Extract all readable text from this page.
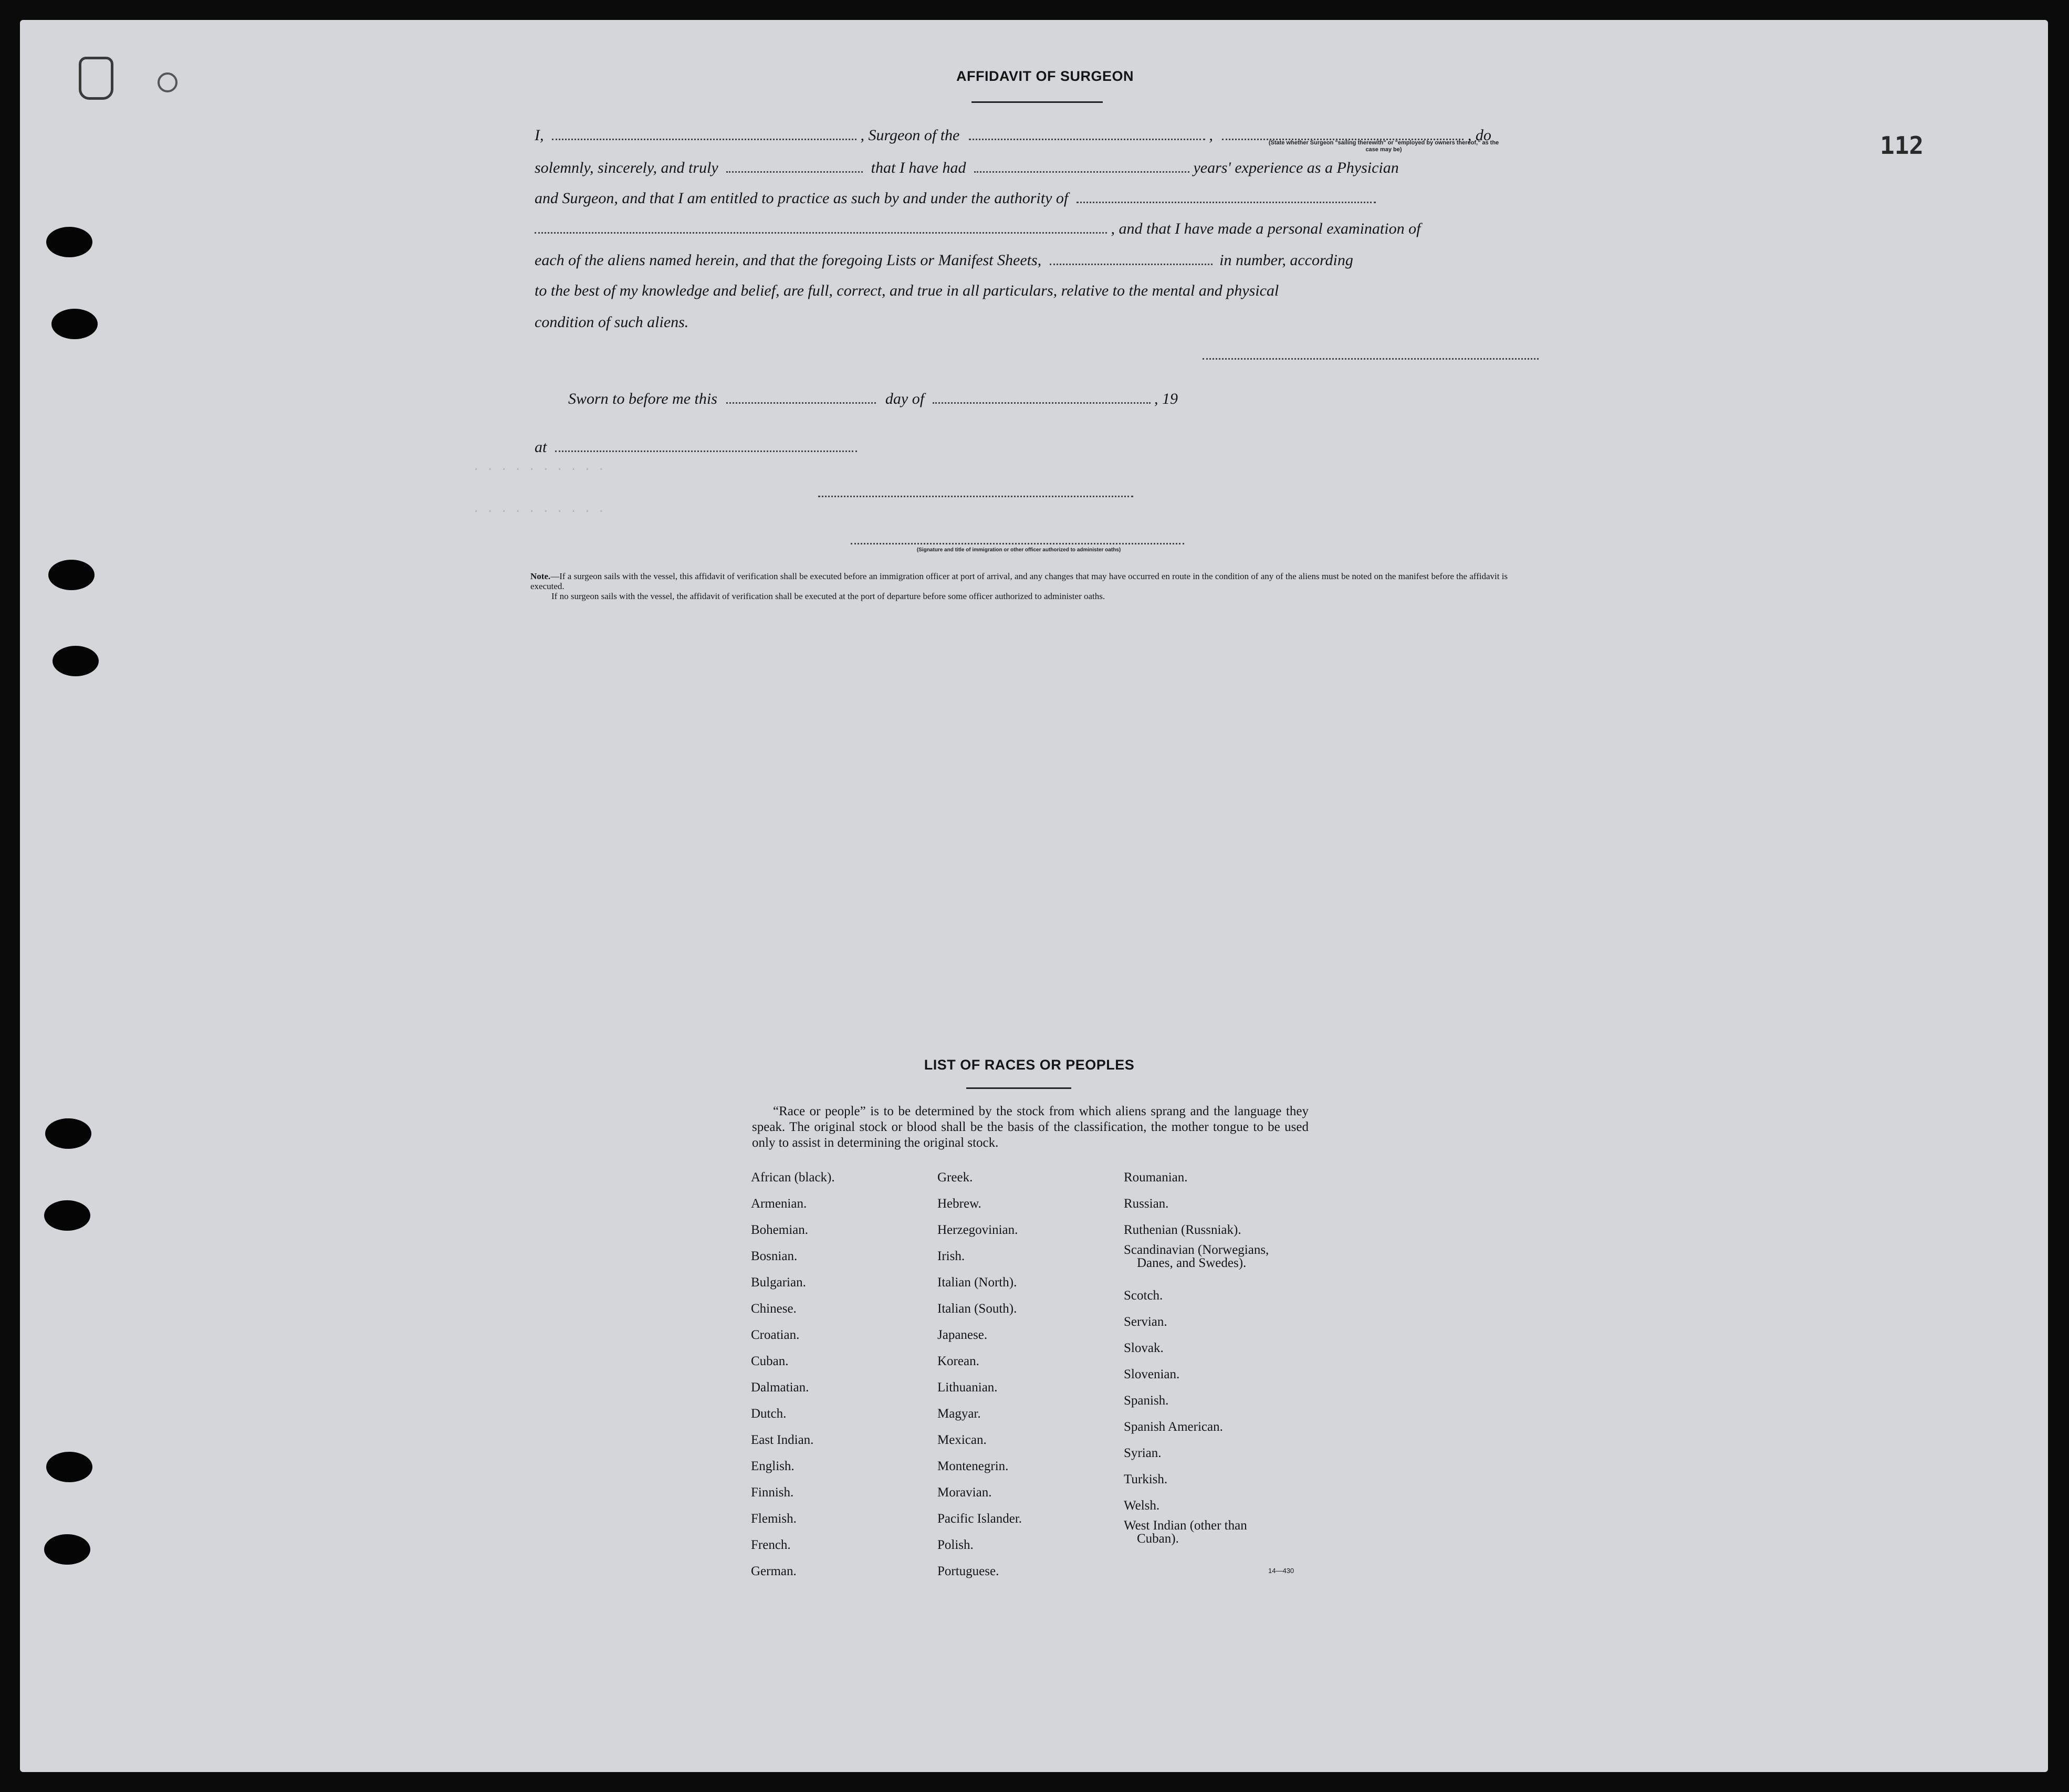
112
· · · · · · · · · ·
· · · · · · · · · ·
AFFIDAVIT OF SURGEON
I,	, Surgeon of the	,	, do
(State whether Surgeon "sailing therewith" or "employed by owners thereof," as the case may be)
solemnly, sincerely, and truly	that I have had	years' experience as a Physician
and Surgeon, and that I am entitled to practice as such by and under the authority of
, and that I have made a personal examination of
each of the aliens named herein, and that the foregoing Lists or Manifest Sheets,	in number, according
to the best of my knowledge and belief, are full, correct, and true in all particulars, relative to the mental and physical
condition of such aliens.
Sworn to before me this	day of	, 19
at
(Signature and title of immigration or other officer authorized to administer oaths)
Note.—If a surgeon sails with the vessel, this affidavit of verification shall be executed before an immigration officer at port of arrival, and any changes that may have occurred en route in the condition of any of the aliens must be noted on the manifest before the affidavit is executed.
If no surgeon sails with the vessel, the affidavit of verification shall be executed at the port of departure before some officer authorized to administer oaths.
LIST OF RACES OR PEOPLES

“Race or people” is to be determined by the stock from which aliens sprang and the language they speak. The original stock or blood shall be the basis of the classification, the mother tongue to be used only to assist in determining the original stock.

African (black).
Armenian.
Bohemian.
Bosnian.
Bulgarian.
Chinese.
Croatian.
Cuban.
Dalmatian.
Dutch.
East Indian.
English.
Finnish.
Flemish.
French.
German.
Greek.
Hebrew.
Herzegovinian.
Irish.
Italian (North).
Italian (South).
Japanese.
Korean.
Lithuanian.
Magyar.
Mexican.
Montenegrin.
Moravian.
Pacific Islander.
Polish.
Portuguese.
Roumanian.
Russian.
Ruthenian (Russniak).
Scandinavian (Norwegians,
Danes, and Swedes).
Scotch.
Servian.
Slovak.
Slovenian.
Spanish.
Spanish American.
Syrian.
Turkish.
Welsh.
West Indian (other than
Cuban).
14—430
